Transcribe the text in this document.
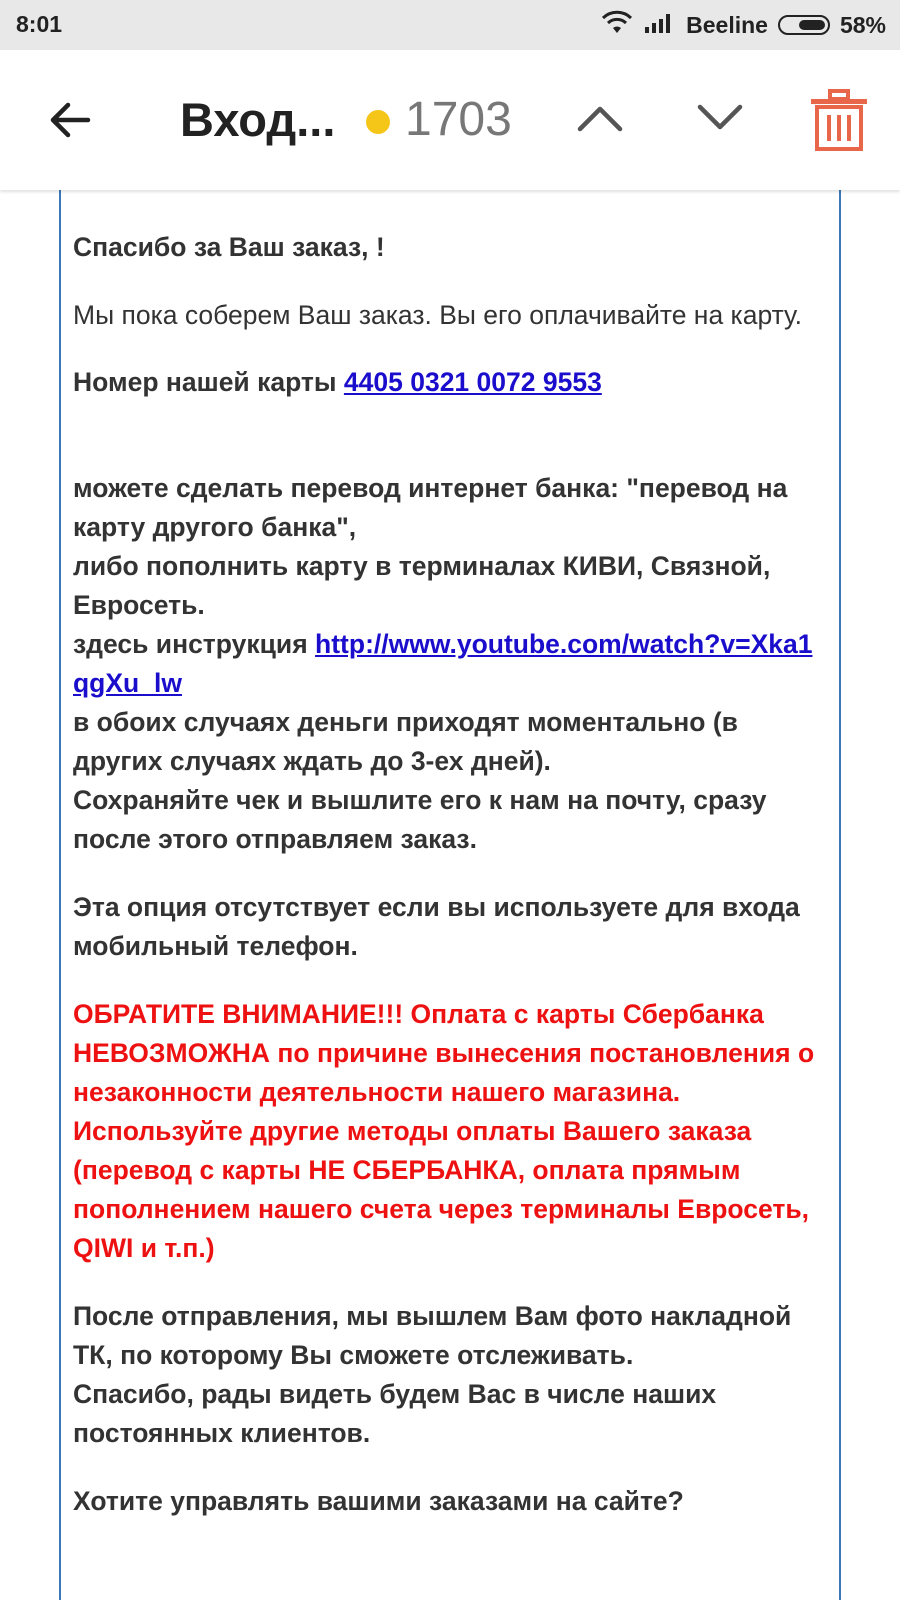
8:01	Beeline	58%
Вход... 1703

Спасибо за Ваш заказ, !

Мы пока соберем Ваш заказ. Вы его оплачивайте на карту.

Номер нашей карты 4405 0321 0072 9553

можете сделать перевод интернет банка: "перевод на карту другого банка",
либо пополнить карту в терминалах КИВИ, Связной, Евросеть.
здесь инструкция http://www.youtube.com/watch?v=Xka1qgXu_lw
в обоих случаях деньги приходят моментально (в других случаях ждать до 3-ех дней).
Сохраняйте чек и вышлите его к нам на почту, сразу после этого отправляем заказ.

Эта опция отсутствует если вы используете для входа мобильный телефон.

ОБРАТИТЕ ВНИМАНИЕ!!! Оплата с карты Сбербанка НЕВОЗМОЖНА по причине вынесения постановления о незаконности деятельности нашего магазина. Используйте другие методы оплаты Вашего заказа (перевод с карты НЕ СБЕРБАНКА, оплата прямым пополнением нашего счета через терминалы Евросеть, QIWI и т.п.)

После отправления, мы вышлем Вам фото накладной ТК, по которому Вы сможете отслеживать.
Спасибо, рады видеть будем Вас в числе наших постоянных клиентов.

Хотите управлять вашими заказами на сайте?
